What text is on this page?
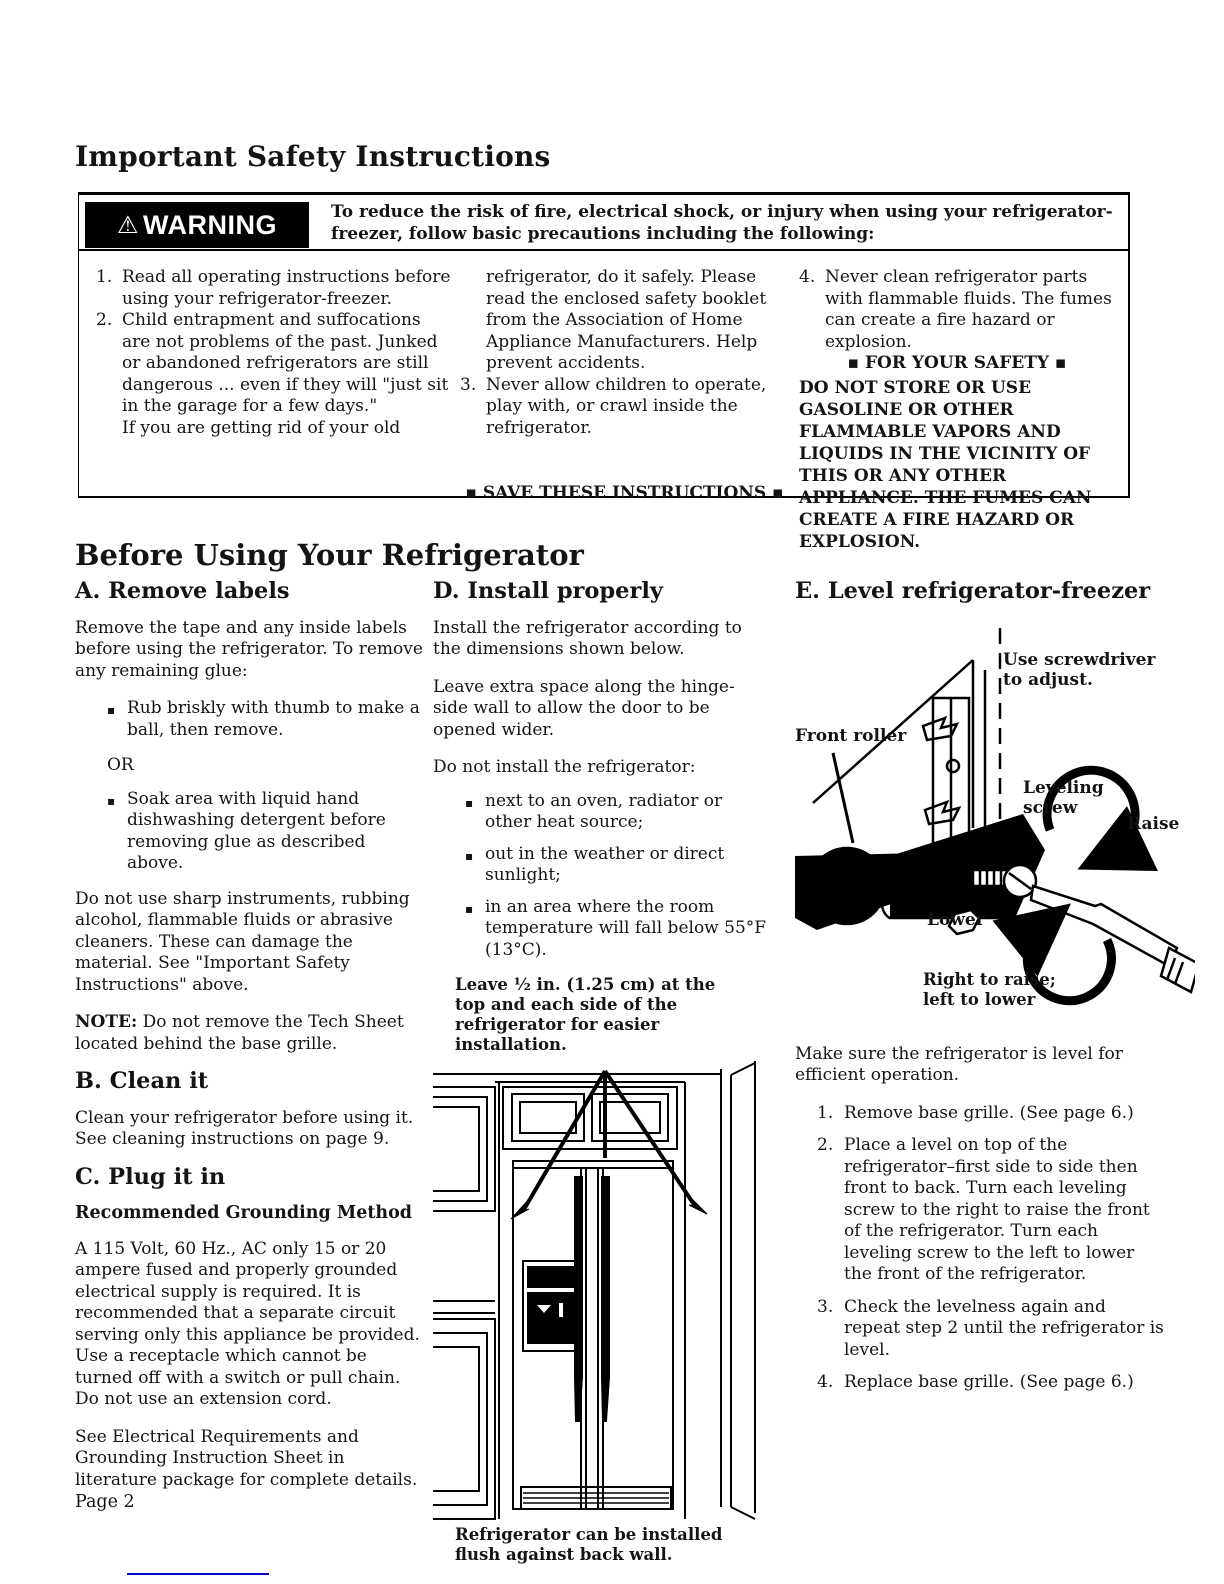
Important Safety Instructions
⚠ WARNING	To reduce the risk of fire, electrical shock, or injury when using your refrigerator-freezer, follow basic precautions including the following:
1. Read all operating instructions before using your refrigerator-freezer.
2. Child entrapment and suffocations are not problems of the past. Junked or abandoned refrigerators are still dangerous ... even if they will "just sit in the garage for a few days."
If you are getting rid of your old
refrigerator, do it safely. Please read the enclosed safety booklet from the Association of Home Appliance Manufacturers. Help prevent accidents.
3. Never allow children to operate, play with, or crawl inside the refrigerator.
▪ SAVE THESE INSTRUCTIONS ▪
4. Never clean refrigerator parts with flammable fluids. The fumes can create a fire hazard or explosion.
▪ FOR YOUR SAFETY ▪
DO NOT STORE OR USE GASOLINE OR OTHER FLAMMABLE VAPORS AND LIQUIDS IN THE VICINITY OF THIS OR ANY OTHER APPLIANCE. THE FUMES CAN CREATE A FIRE HAZARD OR EXPLOSION.
Before Using Your Refrigerator
A. Remove labels

Remove the tape and any inside labels before using the refrigerator. To remove any remaining glue:

▪ Rub briskly with thumb to make a ball, then remove.
OR
▪ Soak area with liquid hand dishwashing detergent before removing glue as described above.

Do not use sharp instruments, rubbing alcohol, flammable fluids or abrasive cleaners. These can damage the material. See "Important Safety Instructions" above.

NOTE: Do not remove the Tech Sheet located behind the base grille.

B. Clean it

Clean your refrigerator before using it. See cleaning instructions on page 9.

C. Plug it in
Recommended Grounding Method

A 115 Volt, 60 Hz., AC only 15 or 20 ampere fused and properly grounded electrical supply is required. It is recommended that a separate circuit serving only this appliance be provided. Use a receptacle which cannot be turned off with a switch or pull chain. Do not use an extension cord.

See Electrical Requirements and Grounding Instruction Sheet in literature package for complete details.

D. Install properly

Install the refrigerator according to the dimensions shown below.

Leave extra space along the hinge-side wall to allow the door to be opened wider.

Do not install the refrigerator:

▪ next to an oven, radiator or other heat source;
▪ out in the weather or direct sunlight;
▪ in an area where the room temperature will fall below 55°F (13°C).
Leave ½ in. (1.25 cm) at the top and each side of the refrigerator for easier installation.
Refrigerator can be installed flush against back wall.
E. Level refrigerator-freezer
Use screwdriver to adjust.
Front roller
Leveling screw
Raise
Lower
Right to raise; left to lower

Make sure the refrigerator is level for efficient operation.

1. Remove base grille. (See page 6.)
2. Place a level on top of the refrigerator–first side to side then front to back. Turn each leveling screw to the right to raise the front of the refrigerator. Turn each leveling screw to the left to lower the front of the refrigerator.
3. Check the levelness again and repeat step 2 until the refrigerator is level.
4. Replace base grille. (See page 6.)
Page 2
